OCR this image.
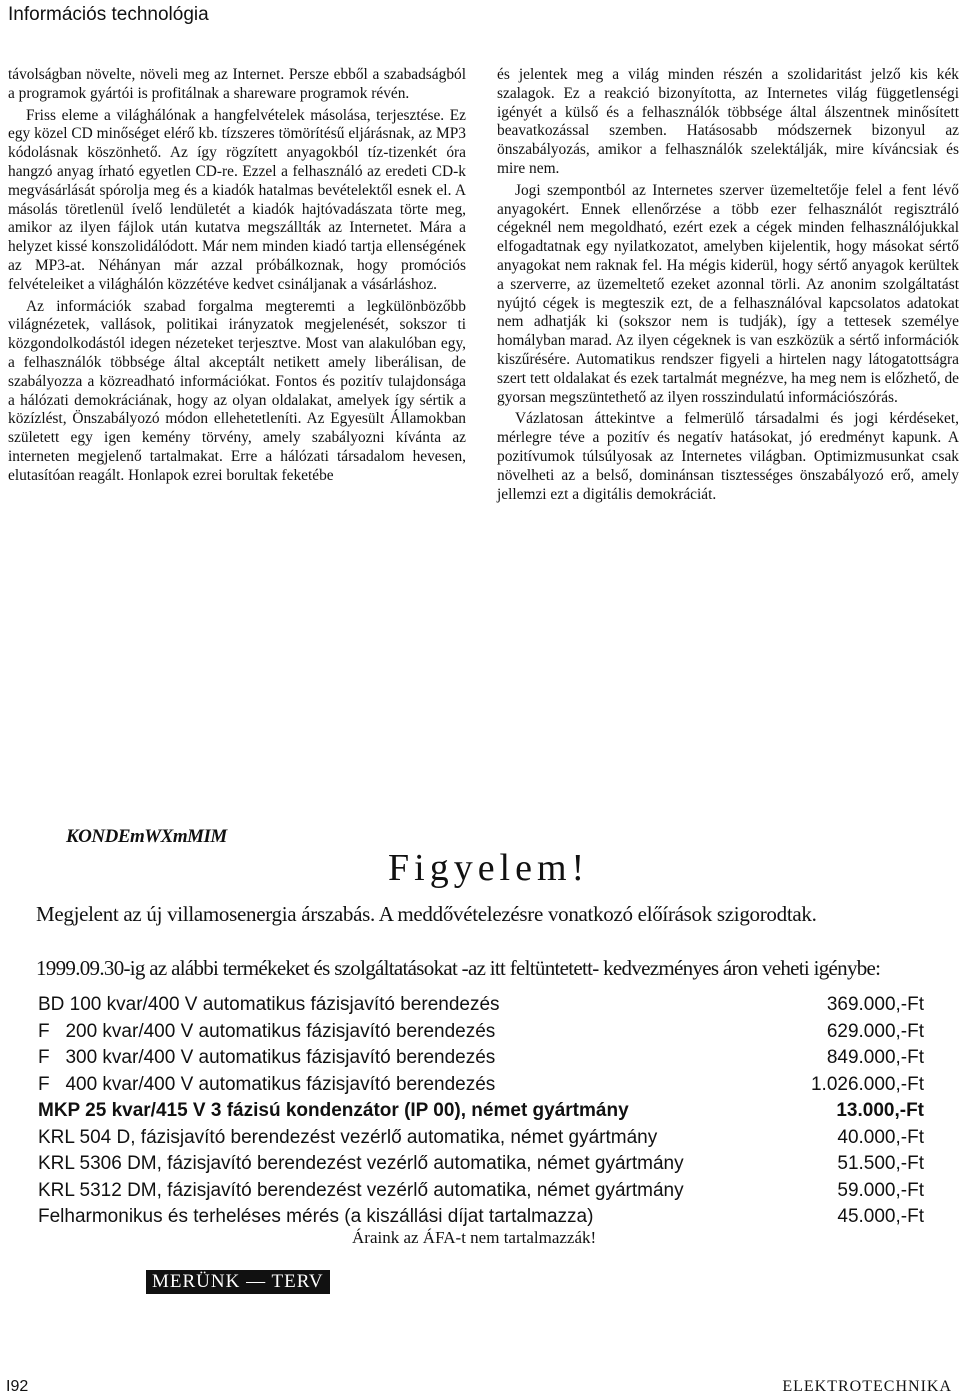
Információs technológia

távolságban növelte, növeli meg az Internet. Persze ebből a szabadságból a programok gyártói is profitálnak a shareware programok révén.

Friss eleme a világhálónak a hangfelvételek másolása, terjesztése. Ez egy közel CD minőséget elérő kb. tízszeres tömörítésű eljárásnak, az MP3 kódolásnak köszönhető. Az így rögzített anyagokból tíz-tizenkét óra hangzó anyag írható egyetlen CD-re. Ezzel a felhasználó az eredeti CD-k megvásárlását spórolja meg és a kiadók hatalmas bevételektől esnek el. A másolás töretlenül ívelő lendületét a kiadók hajtóvadászata törte meg, amikor az ilyen fájlok után kutatva megszállták az Internetet. Mára a helyzet kissé konszolidálódott. Már nem minden kiadó tartja ellenségének az MP3-at. Néhányan már azzal próbálkoznak, hogy promóciós felvételeiket a világhálón közzétéve kedvet csináljanak a vásárláshoz.

Az információk szabad forgalma megteremti a legkülönbözőbb világnézetek, vallások, politikai irányzatok megjelenését, sokszor ti közgondolkodástól idegen nézeteket terjesztve. Most van alakulóban egy, a felhasználók többsége által akceptált netikett amely liberálisan, de szabályozza a közreadható információkat. Fontos és pozitív tulajdonsága a hálózati demokráciának, hogy az olyan oldalakat, amelyek így sértik a közízlést, Önszabályozó módon ellehetetleníti. Az Egyesült Államokban született egy igen kemény törvény, amely szabályozni kívánta az interneten megjelenő tartalmakat. Erre a hálózati társadalom hevesen, elutasítóan reagált. Honlapok ezrei borultak feketébe

és jelentek meg a világ minden részén a szolidaritást jelző kis kék szalagok. Ez a reakció bizonyította, az Internetes világ függetlenségi igényét a külső és a felhasználók többsége által álszentnek minősített beavatkozással szemben. Hatásosabb módszernek bizonyul az önszabályozás, amikor a felhasználók szelektálják, mire kíváncsiak és mire nem.

Jogi szempontból az Internetes szerver üzemeltetője felel a fent lévő anyagokért. Ennek ellenőrzése a több ezer felhasználót regisztráló cégeknél nem megoldható, ezért ezek a cégek minden felhasználójukkal elfogadtatnak egy nyilatkozatot, amelyben kijelentik, hogy másokat sértő anyagokat nem raknak fel. Ha mégis kiderül, hogy sértő anyagok kerültek a szerverre, az üzemeltető ezeket azonnal törli. Az anonim szolgáltatást nyújtó cégek is megteszik ezt, de a felhasználóval kapcsolatos adatokat nem adhatják ki (sokszor nem is tudják), így a tettesek személye homályban marad. Az ilyen cégeknek is van eszközük a sértő információk kiszűrésére. Automatikus rendszer figyeli a hirtelen nagy látogatottságra szert tett oldalakat és ezek tartalmát megnézve, ha meg nem is előzhető, de gyorsan megszüntethető az ilyen rosszindulatú információszórás.

Vázlatosan áttekintve a felmerülő társadalmi és jogi kérdéseket, mérlegre téve a pozitív és negatív hatásokat, jó eredményt kapunk. A pozitívumok túlsúlyosak az Internetes világban. Optimizmusunkat csak növelheti az a belső, dominánsan tisztességes önszabályozó erő, amely jellemzi ezt a digitális demokráciát.

KONDEmWXmMIM
Figyelem!
Megjelent az új villamosenergia árszabás. A meddővételezésre vonatkozó előírások szigorodtak.
1999.09.30-ig az alábbi termékeket és szolgáltatásokat -az itt feltüntetett- kedvezményes áron veheti igénybe:
BD 100 kvar/400 V automatikus fázisjavító berendezés	369.000,-Ft
F   200 kvar/400 V automatikus fázisjavító berendezés	629.000,-Ft
F   300 kvar/400 V automatikus fázisjavító berendezés	849.000,-Ft
F   400 kvar/400 V automatikus fázisjavító berendezés	1.026.000,-Ft
MKP 25 kvar/415 V 3 fázisú kondenzátor (IP 00), német gyártmány	13.000,-Ft
KRL 504 D, fázisjavító berendezést vezérlő automatika, német gyártmány	40.000,-Ft
KRL 5306 DM, fázisjavító berendezést vezérlő automatika, német gyártmány	51.500,-Ft
KRL 5312 DM, fázisjavító berendezést vezérlő automatika, német gyártmány	59.000,-Ft
Felharmonikus és terheléses mérés (a kiszállási díjat tartalmazza)	45.000,-Ft
Áraink az ÁFA-t nem tartalmazzák!
MERÜNK — TERV
I92	ELEKTROTECHNIKA
